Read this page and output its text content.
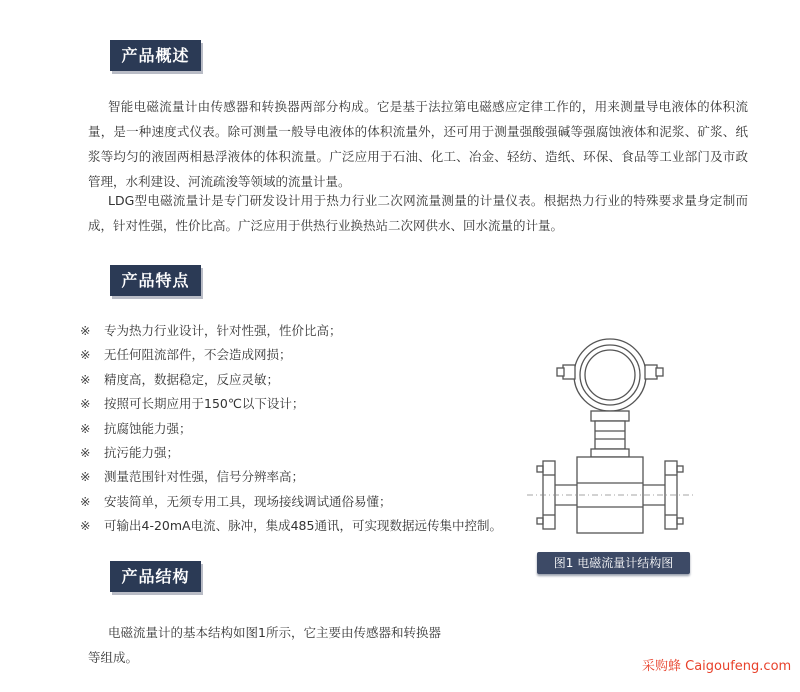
产品概述

智能电磁流量计由传感器和转换器两部分构成。它是基于法拉第电磁感应定律工作的，用来测量导电液体的体积流量，是一种速度式仪表。除可测量一般导电液体的体积流量外，还可用于测量强酸强碱等强腐蚀液体和泥浆、矿浆、纸浆等均匀的液固两相悬浮液体的体积流量。广泛应用于石油、化工、冶金、轻纺、造纸、环保、食品等工业部门及市政管理，水利建设、河流疏浚等领域的流量计量。

LDG型电磁流量计是专门研发设计用于热力行业二次网流量测量的计量仪表。根据热力行业的特殊要求量身定制而成，针对性强，性价比高。广泛应用于供热行业换热站二次网供水、回水流量的计量。

产品特点
※ 专为热力行业设计，针对性强，性价比高；
※ 无任何阻流部件，不会造成网损；
※ 精度高，数据稳定，反应灵敏；
※ 按照可长期应用于150℃以下设计；
※ 抗腐蚀能力强；
※ 抗污能力强；
※ 测量范围针对性强，信号分辨率高；
※ 安装简单，无须专用工具，现场接线调试通俗易懂；
※ 可输出4-20mA电流、脉冲，集成485通讯，可实现数据远传集中控制。
图1 电磁流量计结构图
产品结构

电磁流量计的基本结构如图1所示，它主要由传感器和转换器等组成。

采购蜂 Caigoufeng.com
